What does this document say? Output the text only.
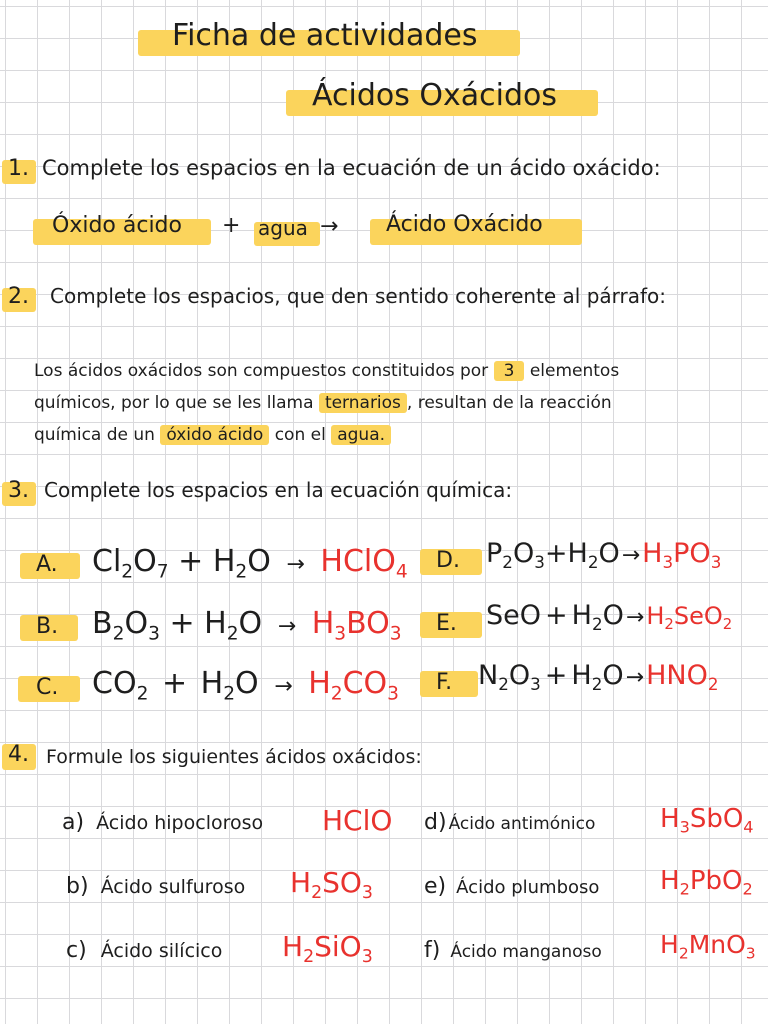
Ficha de actividades
Ácidos Oxácidos
1. Complete los espacios en la ecuación de un ácido oxácido:
Óxido ácido + agua → Ácido Oxácido
2. Complete los espacios, que den sentido coherente al párrafo:
Los ácidos oxácidos son compuestos constituidos por 3 elementos
químicos, por lo que se les llama ternarios , resultan de la reacción
química de un óxido ácido con el agua.
3. Complete los espacios en la ecuación química:
A. $Cl_2O_7 + H_2O$ → HClO$_4$ D. $P_2O_3+H_2O\to H_3PO_3$
B. $B_2O_3 + H_2O \to H_3BO_3$ E. SeO + $H_2O\to H_2SeO_2$
C. $CO_2 + H_2O \to H_2CO_3$ F. $N_2O_3 + H_2O\to HNO_2$
4. Formule los siguientes ácidos oxácidos:
a) Ácido hipocloroso HClO
b) Ácido sulfuroso $H_2SO_3$
c) Ácido silícico $H_2SiO_3$
d) Ácido antimónico $H_3SbO_4$
e) Ácido plumboso $H_2PbO_2$
f) Ácido manganoso $H_2MnO_3$
